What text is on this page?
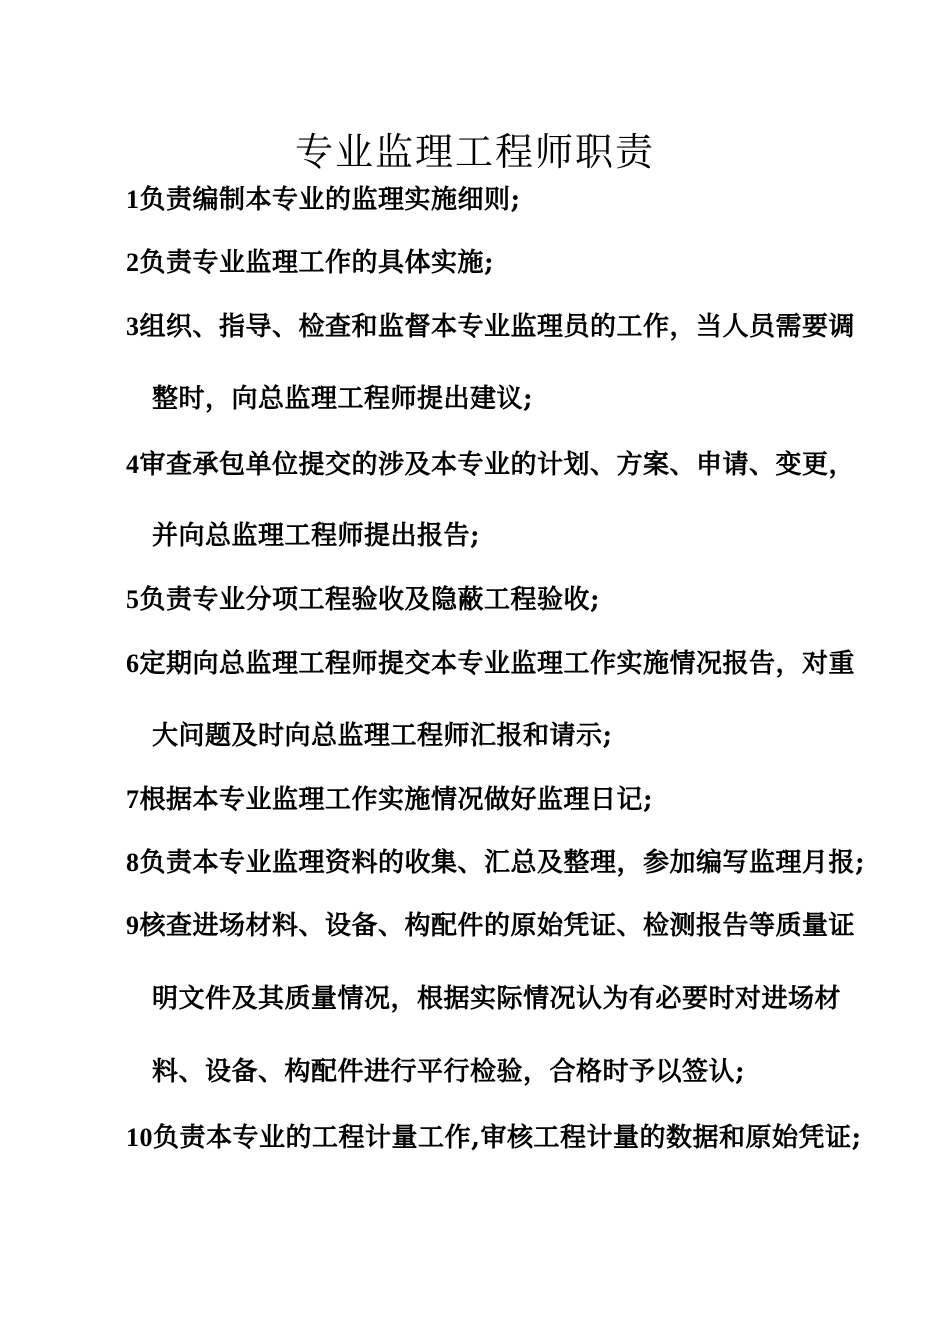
专业监理工程师职责
1负责编制本专业的监理实施细则;
2负责专业监理工作的具体实施;
3组织、指导、检查和监督本专业监理员的工作，当人员需要调
整时，向总监理工程师提出建议;
4审查承包单位提交的涉及本专业的计划、方案、申请、变更，
并向总监理工程师提出报告;
5负责专业分项工程验收及隐蔽工程验收;
6定期向总监理工程师提交本专业监理工作实施情况报告，对重
大问题及时向总监理工程师汇报和请示;
7根据本专业监理工作实施情况做好监理日记;
8负责本专业监理资料的收集、汇总及整理，参加编写监理月报;
9核查进场材料、设备、构配件的原始凭证、检测报告等质量证
明文件及其质量情况，根据实际情况认为有必要时对进场材
料、设备、构配件进行平行检验，合格时予以签认;
10负责本专业的工程计量工作,审核工程计量的数据和原始凭证;
